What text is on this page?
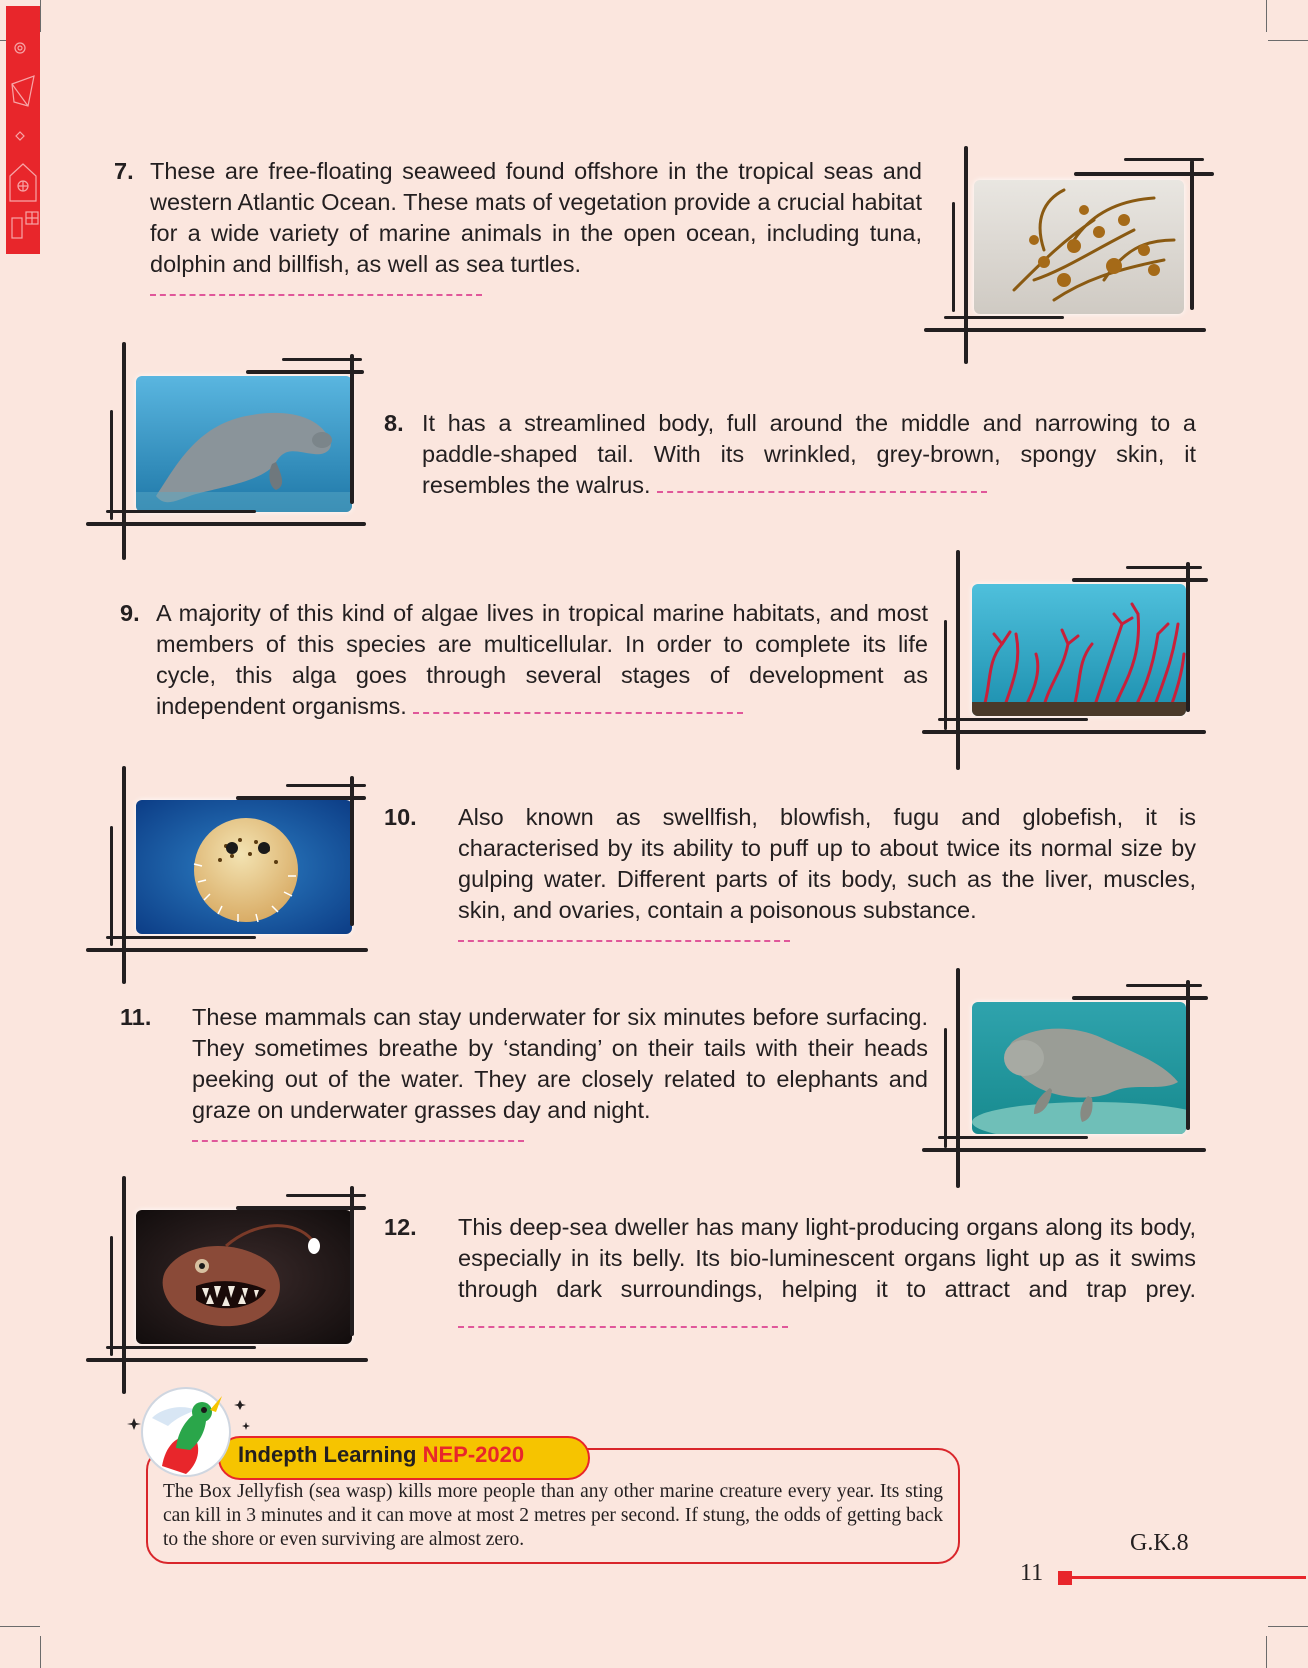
7. These are free-floating seaweed found offshore in the tropical seas and western Atlantic Ocean. These mats of vegetation provide a crucial habitat for a wide variety of marine animals in the open ocean, including tuna, dolphin and billfish, as well as sea turtles.
8. It has a streamlined body, full around the middle and narrowing to a paddle-shaped tail. With its wrinkled, grey-brown, spongy skin, it resembles the walrus.
9. A majority of this kind of algae lives in tropical marine habitats, and most members of this species are multicellular. In order to complete its life cycle, this alga goes through several stages of development as independent organisms.
10. Also known as swellfish, blowfish, fugu and globefish, it is characterised by its ability to puff up to about twice its normal size by gulping water. Different parts of its body, such as the liver, muscles, skin, and ovaries, contain a poisonous substance.
11. These mammals can stay underwater for six minutes before surfacing. They sometimes breathe by ‘standing’ on their tails with their heads peeking out of the water. They are closely related to elephants and graze on underwater grasses day and night.
12. This deep-sea dweller has many light-producing organs along its body, especially in its belly. Its bio-luminescent organs light up as it swims through dark surroundings, helping it to attract and trap prey.
Indepth Learning NEP-2020
The Box Jellyfish (sea wasp) kills more people than any other marine creature every year. Its sting can kill in 3 minutes and it can move at most 2 metres per second. If stung, the odds of getting back to the shore or even surviving are almost zero.	G.K.8
11
